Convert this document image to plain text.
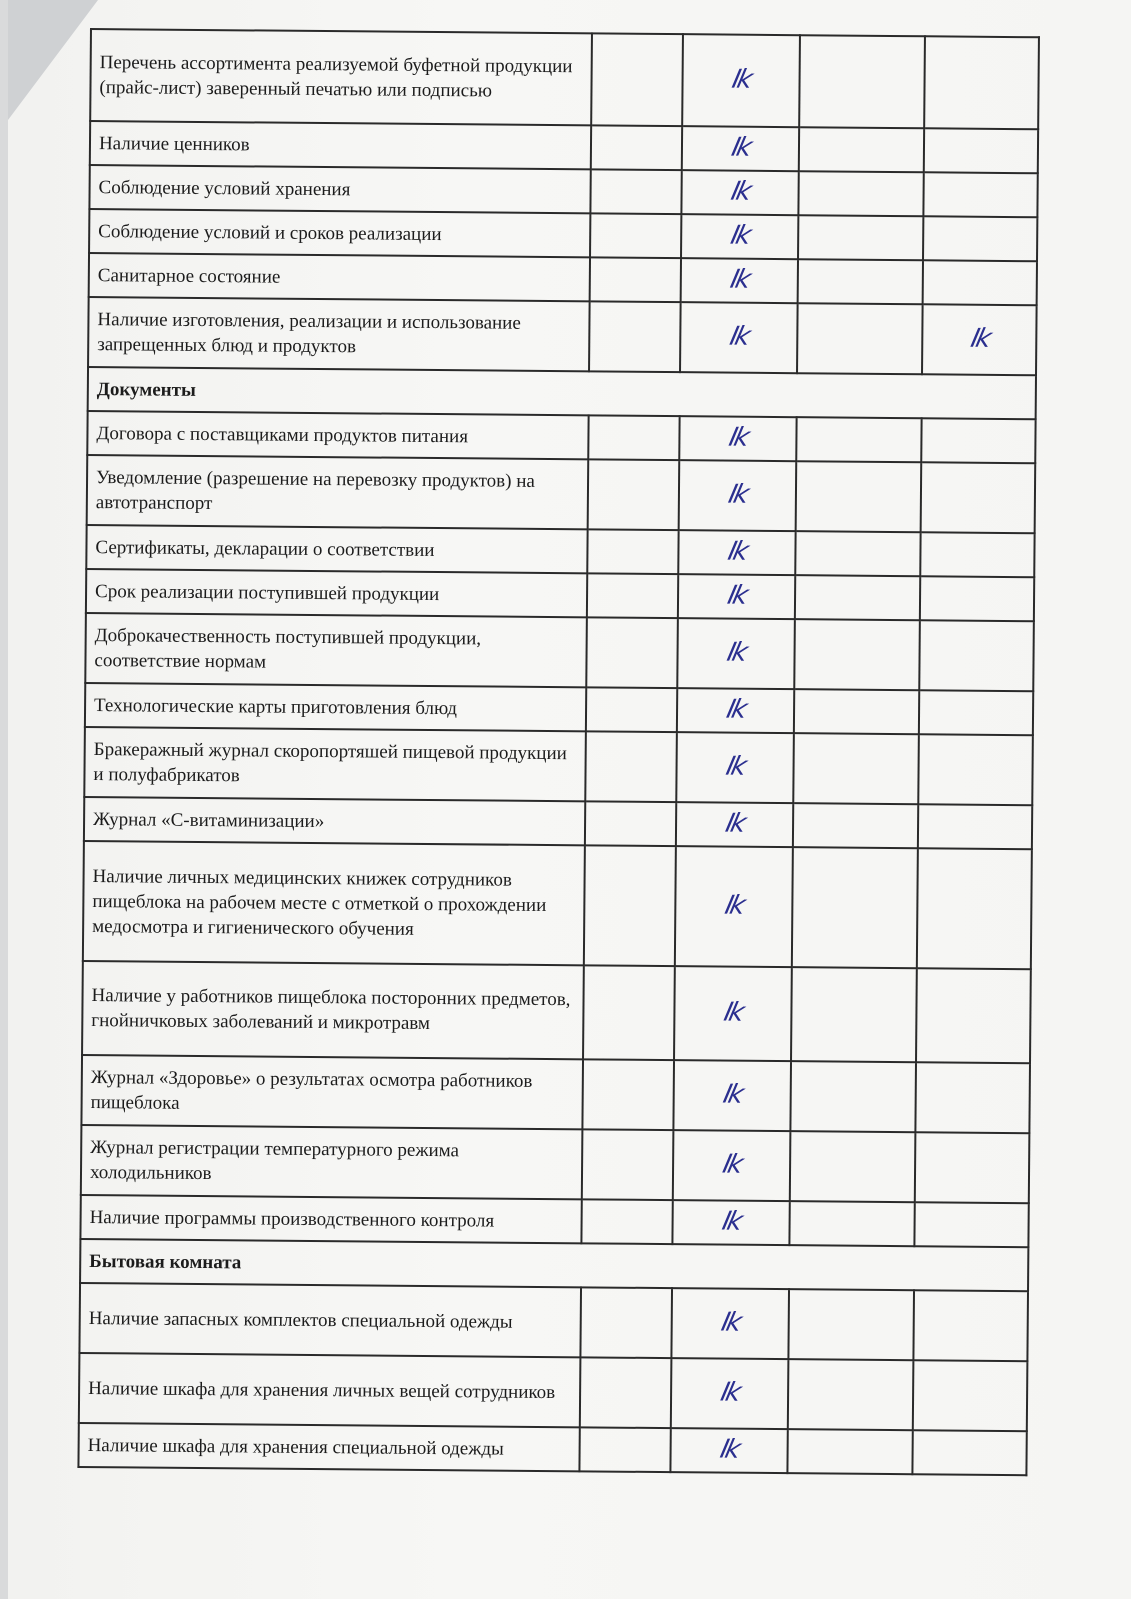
Перечень ассортимента реализуемой буфетной продукции (прайс-лист) заверенный печатью или подписью		Ik		
Наличие ценников		Ik		
Соблюдение условий хранения		Ik		
Соблюдение условий и сроков реализации		Ik		
Санитарное состояние		Ik		
Наличие изготовления, реализации и использование запрещенных блюд и продуктов		Ik		Ik
Документы				
Договора с поставщиками продуктов питания		Ik		
Уведомление (разрешение на перевозку продуктов) на автотранспорт		Ik		
Сертификаты, декларации о соответствии		Ik		
Срок реализации поступившей продукции		Ik		
Доброкачественность поступившей продукции, соответствие нормам		Ik		
Технологические карты приготовления блюд		Ik		
Бракеражный журнал скоропортяшей пищевой продукции и полуфабрикатов		Ik		
Журнал «С-витаминизации»		Ik		
Наличие личных медицинских книжек сотрудников пищеблока на рабочем месте с отметкой о прохождении медосмотра и гигиенического обучения		Ik		
Наличие у работников пищеблока посторонних предметов, гнойничковых заболеваний и микротравм		Ik		
Журнал «Здоровье» о результатах осмотра работников пищеблока		Ik		
Журнал регистрации температурного режима холодильников		Ik		
Наличие программы производственного контроля		Ik		
Бытовая комната				
Наличие запасных комплектов специальной одежды		Ik		
Наличие шкафа для хранения личных вещей сотрудников		Ik		
Наличие шкафа для хранения специальной одежды		Ik		
